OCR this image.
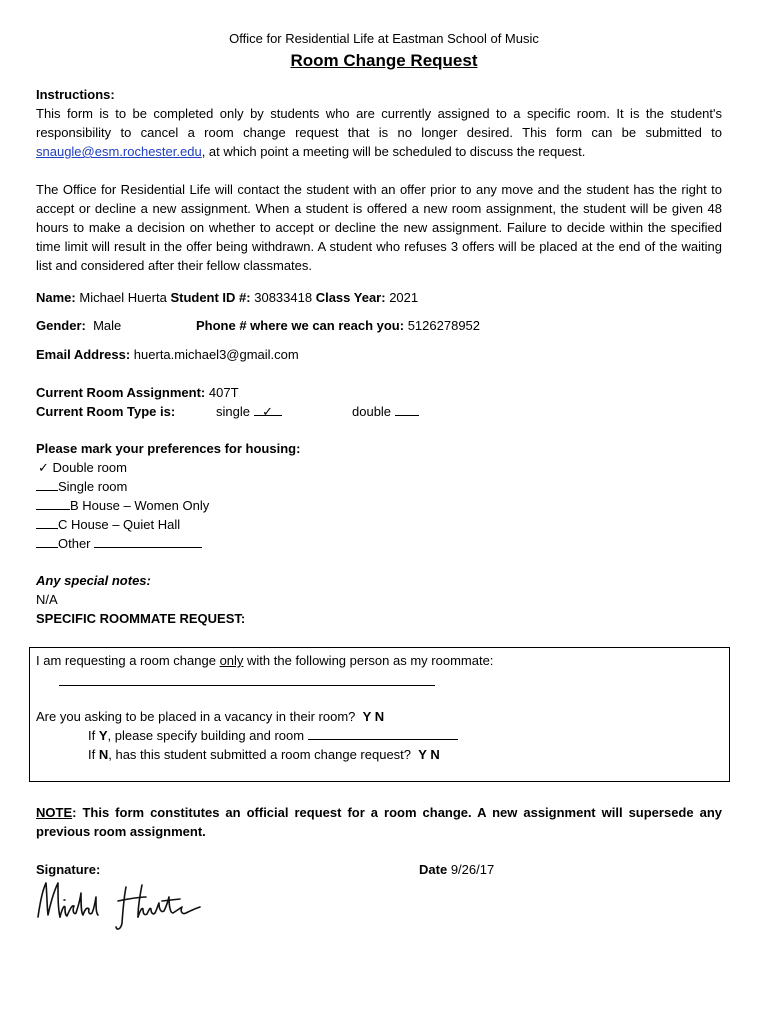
Office for Residential Life at Eastman School of Music
Room Change Request
Instructions:
This form is to be completed only by students who are currently assigned to a specific room. It is the student's responsibility to cancel a room change request that is no longer desired. This form can be submitted to snaugle@esm.rochester.edu, at which point a meeting will be scheduled to discuss the request.
The Office for Residential Life will contact the student with an offer prior to any move and the student has the right to accept or decline a new assignment. When a student is offered a new room assignment, the student will be given 48 hours to make a decision on whether to accept or decline the new assignment. Failure to decide within the specified time limit will result in the offer being withdrawn. A student who refuses 3 offers will be placed at the end of the waiting list and considered after their fellow classmates.
Name: Michael Huerta Student ID #: 30833418 Class Year: 2021
Gender: Male	Phone # where we can reach you: 5126278952
Email Address: huerta.michael3@gmail.com
Current Room Assignment: 407T
Current Room Type is:	single ✓	double
Please mark your preferences for housing:
✓ Double room
Single room
B House – Women Only
C House – Quiet Hall
Other
Any special notes:
N/A
SPECIFIC ROOMMATE REQUEST:
I am requesting a room change only with the following person as my roommate:
Are you asking to be placed in a vacancy in their room? Y N
If Y, please specify building and room
If N, has this student submitted a room change request? Y N
NOTE: This form constitutes an official request for a room change. A new assignment will supersede any previous room assignment.
Signature:	Date 9/26/17
